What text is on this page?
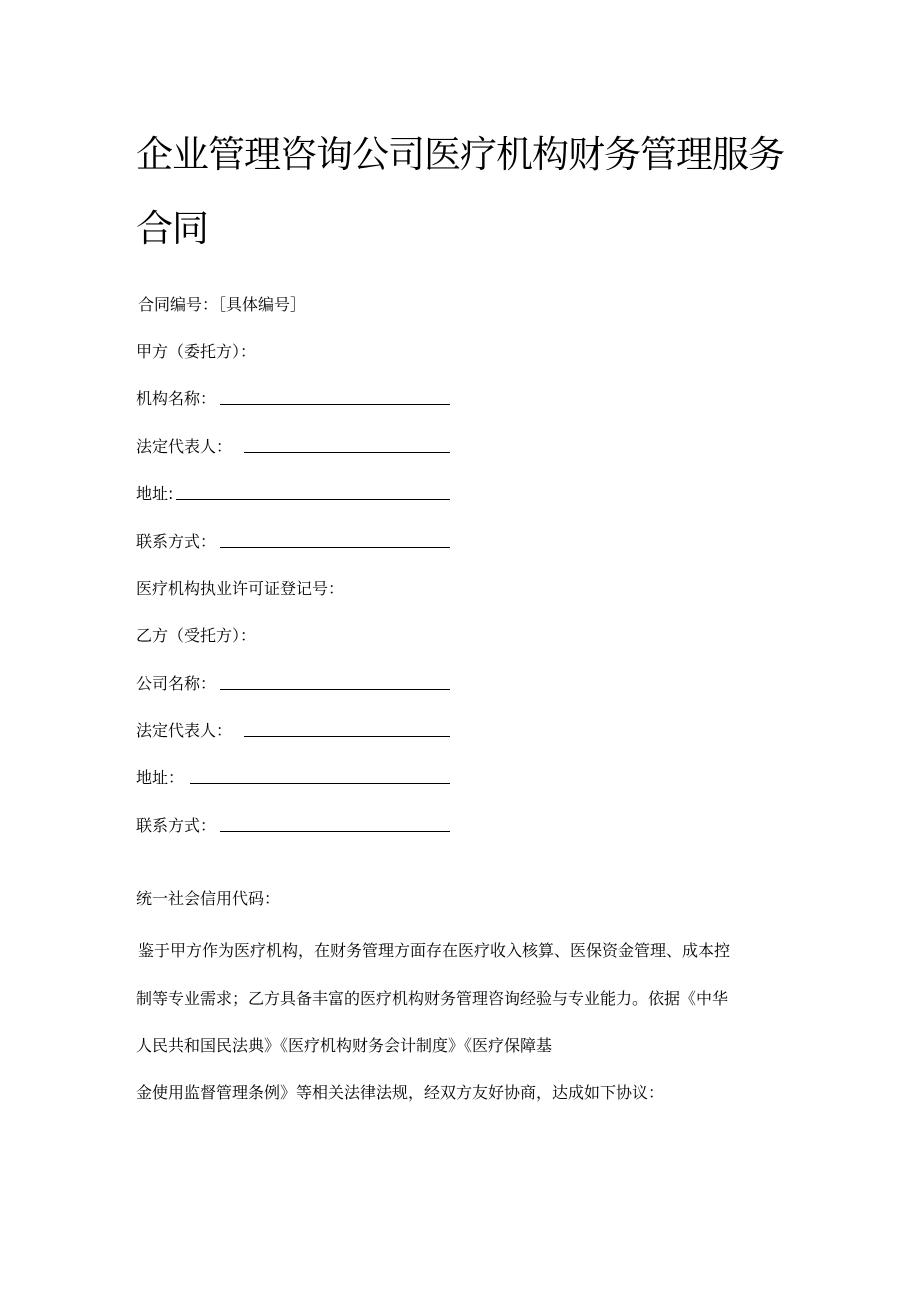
企业管理咨询公司医疗机构财务管理服务合同
合同编号：［具体编号］
甲方（委托方）：
机构名称：
法定代表人：
地址:
联系方式：
医疗机构执业许可证登记号：
乙方（受托方）：
公司名称：
法定代表人：
地址：
联系方式：
统一社会信用代码：
鉴于甲方作为医疗机构，在财务管理方面存在医疗收入核算、医保资金管理、成本控
制等专业需求；乙方具备丰富的医疗机构财务管理咨询经验与专业能力。依据《中华
人民共和国民法典》《医疗机构财务会计制度》《医疗保障基
金使用监督管理条例》等相关法律法规，经双方友好协商，达成如下协议：
